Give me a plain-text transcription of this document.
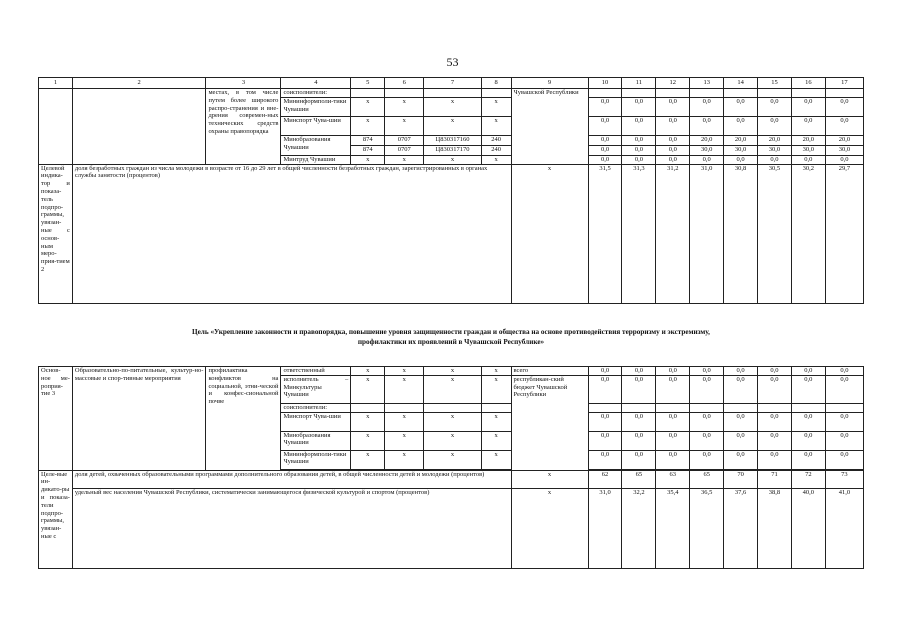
53
1	2	3	4	5	6	7	8	9	10	11	12	13	14	15	16	17
		местах, в том числе путем более широкого распро-странения и вне-дрения современ-ных технических средств охраны правопорядка	соисполнители:					Чувашской Республики								
			Мининформполи-тики Чувашии	x	x	x	x		0,0	0,0	0,0	0,0	0,0	0,0	0,0	0,0
			Минспорт Чува-шии	x	x	x	x		0,0	0,0	0,0	0,0	0,0	0,0	0,0	0,0
			Минобразования Чувашии	874	0707	Ц830317160	240		0,0	0,0	0,0	20,0	20,0	20,0	20,0	20,0
				874	0707	Ц830317170	240		0,0	0,0	0,0	30,0	30,0	30,0	30,0	30,0
			Минтруд Чувашии	x	x	x	x		0,0	0,0	0,0	0,0	0,0	0,0	0,0	0,0
Целевой индика-тор и показа-тель подпро-граммы, увязан-ные с основ-ным меро-прия-тием 2	доля безработных граждан из числа молодежи в возрасте от 16 до 29 лет в общей численности безработных граждан, зарегистрированных в органах службы занятости (процентов)							x	31,5	31,3	31,2	31,0	30,8	30,5	30,2	29,7
Цель «Укрепление законности и правопорядка, повышение уровня защищенности граждан и общества на основе противодействия терроризму и экстремизму,
профилактики их проявлений в Чувашской Республике»
Основ-ное ме-роприя-тие 3	Образовательно-по-питательные, культур-но-массовые и спор-тивные мероприятия	профилактика конфликтов на социальной, этни-ческой и конфес-сиональной почве	ответственный	x	x	x	x	всего	0,0	0,0	0,0	0,0	0,0	0,0	0,0	0,0
			исполнитель – Минкультуры Чувашии	x	x	x	x	республикан-ский бюджет Чувашской Республики	0,0	0,0	0,0	0,0	0,0	0,0	0,0	0,0
			соисполнители:													
			Минспорт Чува-шии	x	x	x	x		0,0	0,0	0,0	0,0	0,0	0,0	0,0	0,0
			Минобразования Чувашии	x	x	x	x		0,0	0,0	0,0	0,0	0,0	0,0	0,0	0,0
			Мининформполи-тики Чувашии	x	x	x	x		0,0	0,0	0,0	0,0	0,0	0,0	0,0	0,0

Целе-вые ин-дикато-ры и показа-тели подпро-граммы, увязан-ные с	доля детей, охваченных образовательными программами дополнительного образования детей, в общей численности детей и молодежи (процентов)							x	62	65	63	65	70	71	72	73
	удельный вес населения Чувашской Республики, систематически занимающегося физической культурой и спортом (процентов)							x	31,0	32,2	35,4	36,5	37,6	38,8	40,0	41,0
